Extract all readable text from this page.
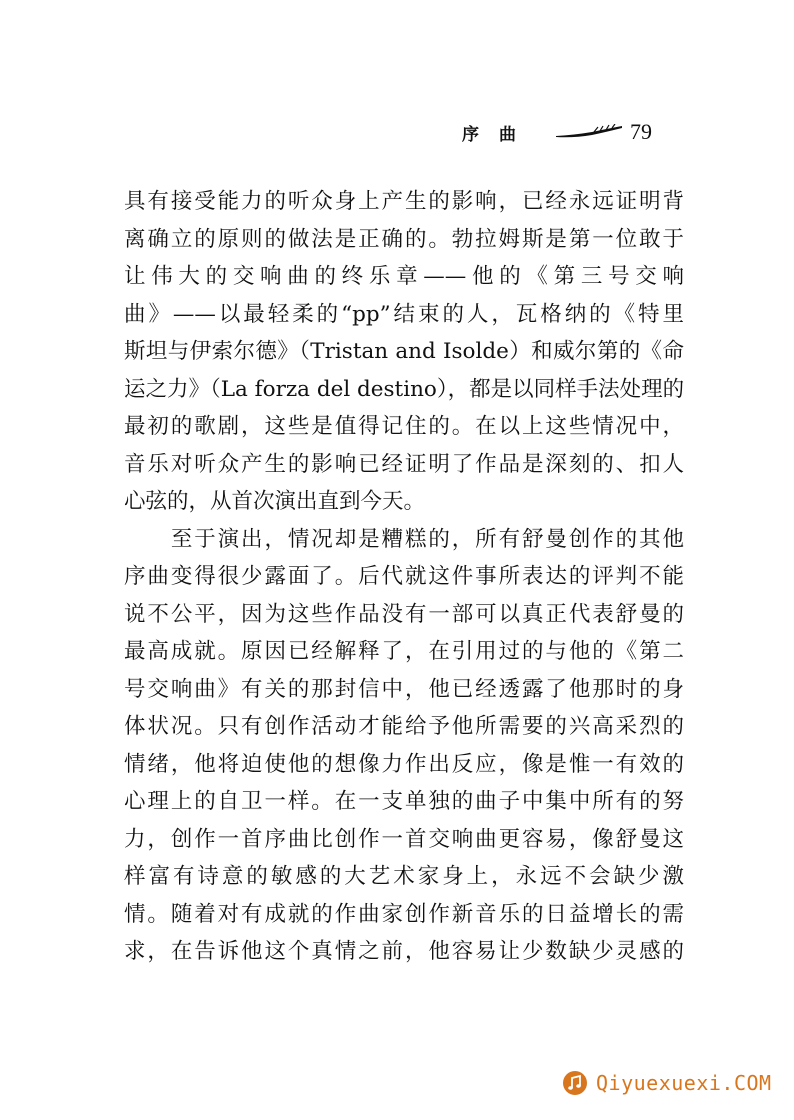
序曲	79

具有接受能力的听众身上产生的影响，已经永远证明背

离确立的原则的做法是正确的。勃拉姆斯是第一位敢于

让伟大的交响曲的终乐章——他的《第三号交响

曲》——以最轻柔的“pp”结束的人，瓦格纳的《特里

斯坦与伊索尔德》（Tristan and Isolde）和威尔第的《命

运之力》（La forza del destino），都是以同样手法处理的

最初的歌剧，这些是值得记住的。在以上这些情况中，

音乐对听众产生的影响已经证明了作品是深刻的、扣人

心弦的，从首次演出直到今天。

　　至于演出，情况却是糟糕的，所有舒曼创作的其他

序曲变得很少露面了。后代就这件事所表达的评判不能

说不公平，因为这些作品没有一部可以真正代表舒曼的

最高成就。原因已经解释了，在引用过的与他的《第二

号交响曲》有关的那封信中，他已经透露了他那时的身

体状况。只有创作活动才能给予他所需要的兴高采烈的

情绪，他将迫使他的想像力作出反应，像是惟一有效的

心理上的自卫一样。在一支单独的曲子中集中所有的努

力，创作一首序曲比创作一首交响曲更容易，像舒曼这

样富有诗意的敏感的大艺术家身上，永远不会缺少激

情。随着对有成就的作曲家创作新音乐的日益增长的需

求，在告诉他这个真情之前，他容易让少数缺少灵感的

Qiyuexuexi.COM
